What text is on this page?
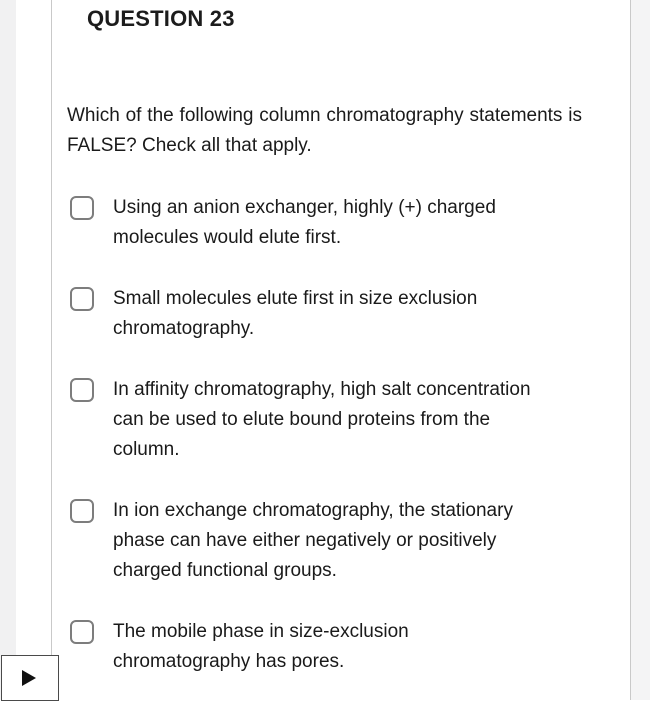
QUESTION 23

Which of the following column chromatography statements is FALSE? Check all that apply.

Using an anion exchanger, highly (+) charged molecules would elute first.
Small molecules elute first in size exclusion chromatography.
In affinity chromatography, high salt concentration can be used to elute bound proteins from the column.
In ion exchange chromatography, the stationary phase can have either negatively or positively charged functional groups.
The mobile phase in size-exclusion chromatography has pores.
